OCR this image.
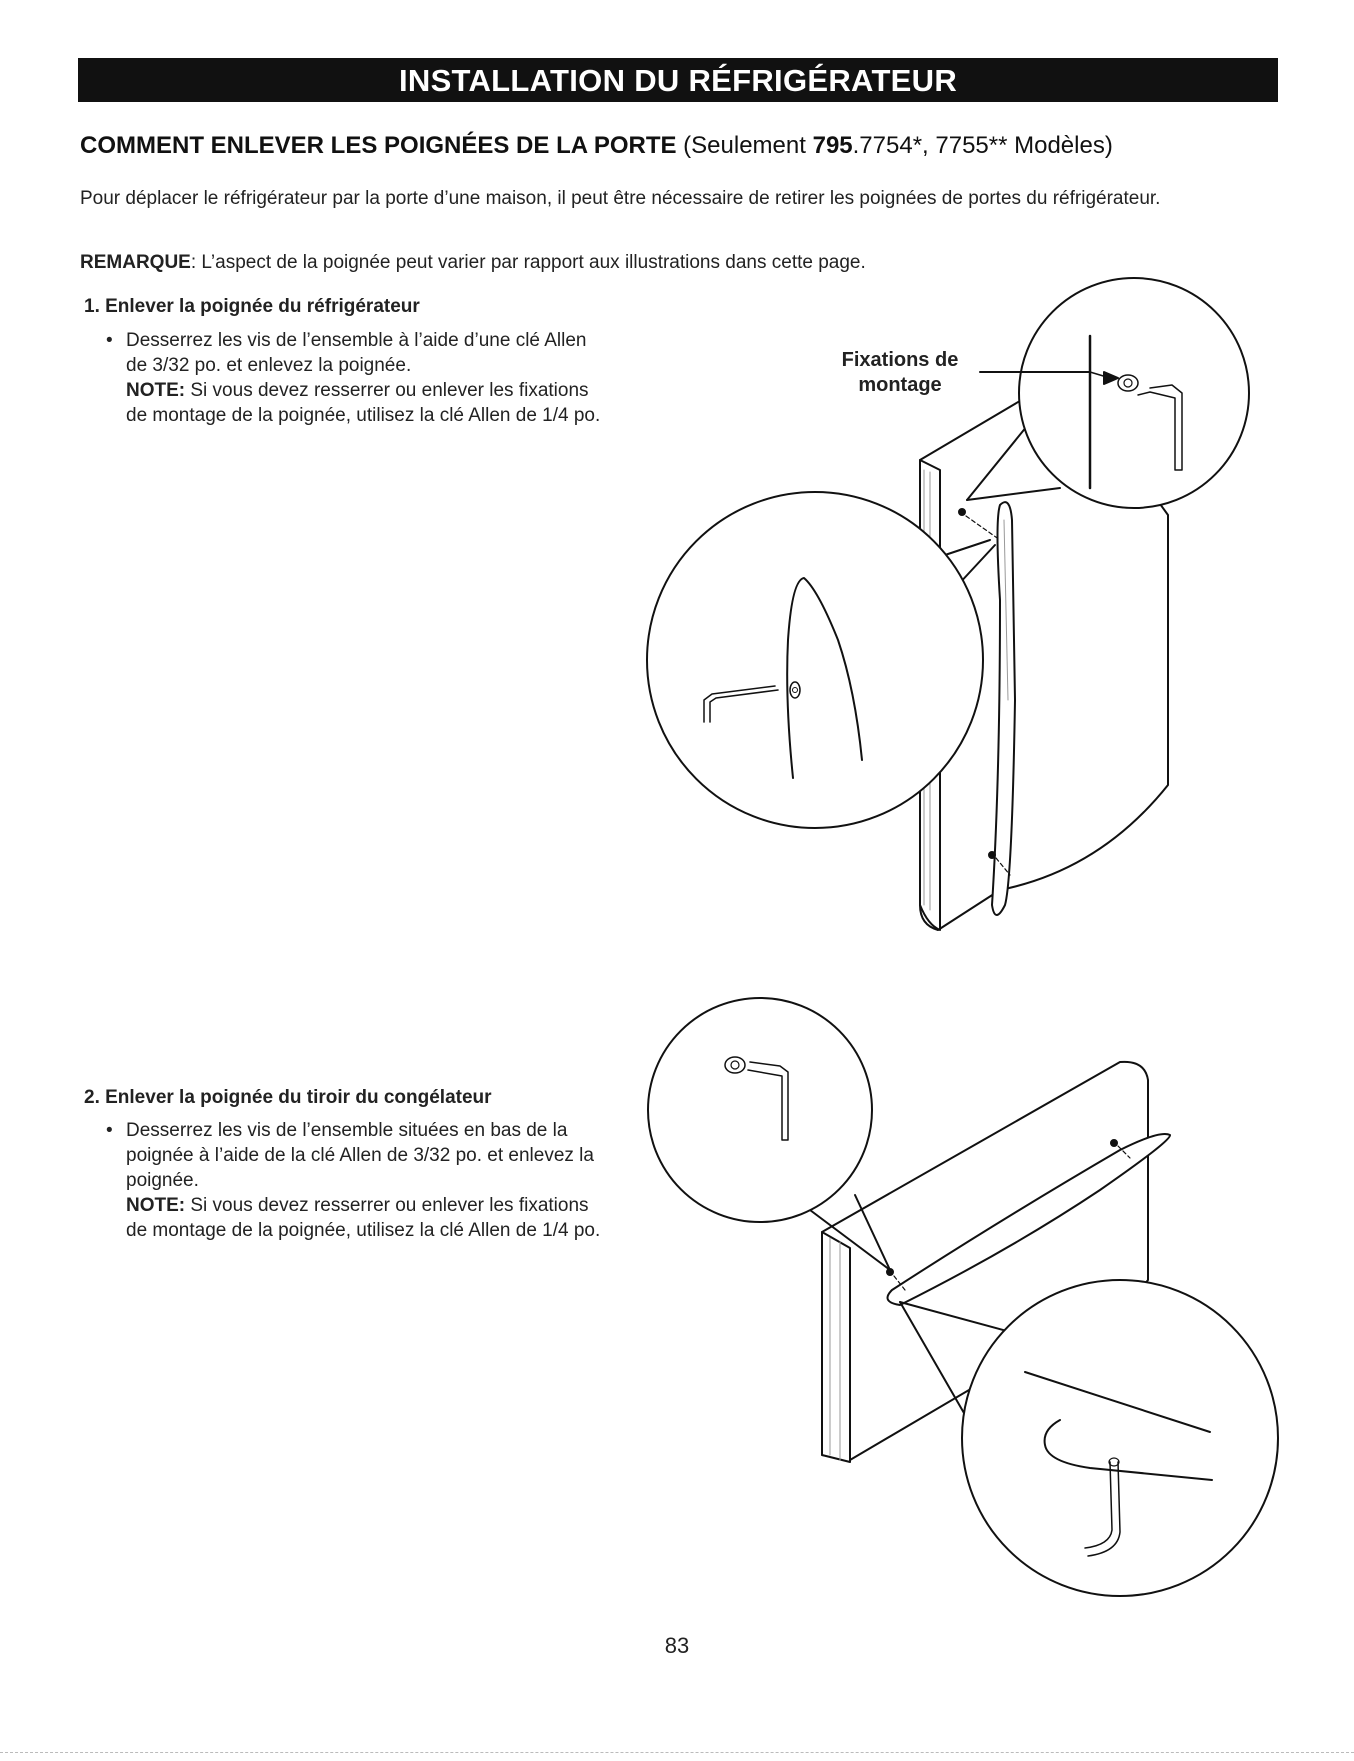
INSTALLATION DU RÉFRIGÉRATEUR
COMMENT ENLEVER LES POIGNÉES DE LA PORTE (Seulement 795.7754*, 7755** Modèles)
Pour déplacer le réfrigérateur par la porte d’une maison, il peut être nécessaire de retirer les poignées de portes du réfrigérateur.
REMARQUE: L’aspect de la poignée peut varier par rapport aux illustrations dans cette page.
1. Enlever la poignée du réfrigérateur
• Desserrez les vis de l’ensemble à l’aide d’une clé Allen de 3/32 po. et enlevez la poignée.
NOTE: Si vous devez resserrer ou enlever les fixations de montage de la poignée, utilisez la clé Allen de 1/4 po.
2. Enlever la poignée du tiroir du congélateur
• Desserrez les vis de l’ensemble situées en bas de la poignée à l’aide de la clé Allen de 3/32 po. et enlevez la poignée.
NOTE: Si vous devez resserrer ou enlever les fixations de montage de la poignée, utilisez la clé Allen de 1/4 po.
Fixations de
montage
83
